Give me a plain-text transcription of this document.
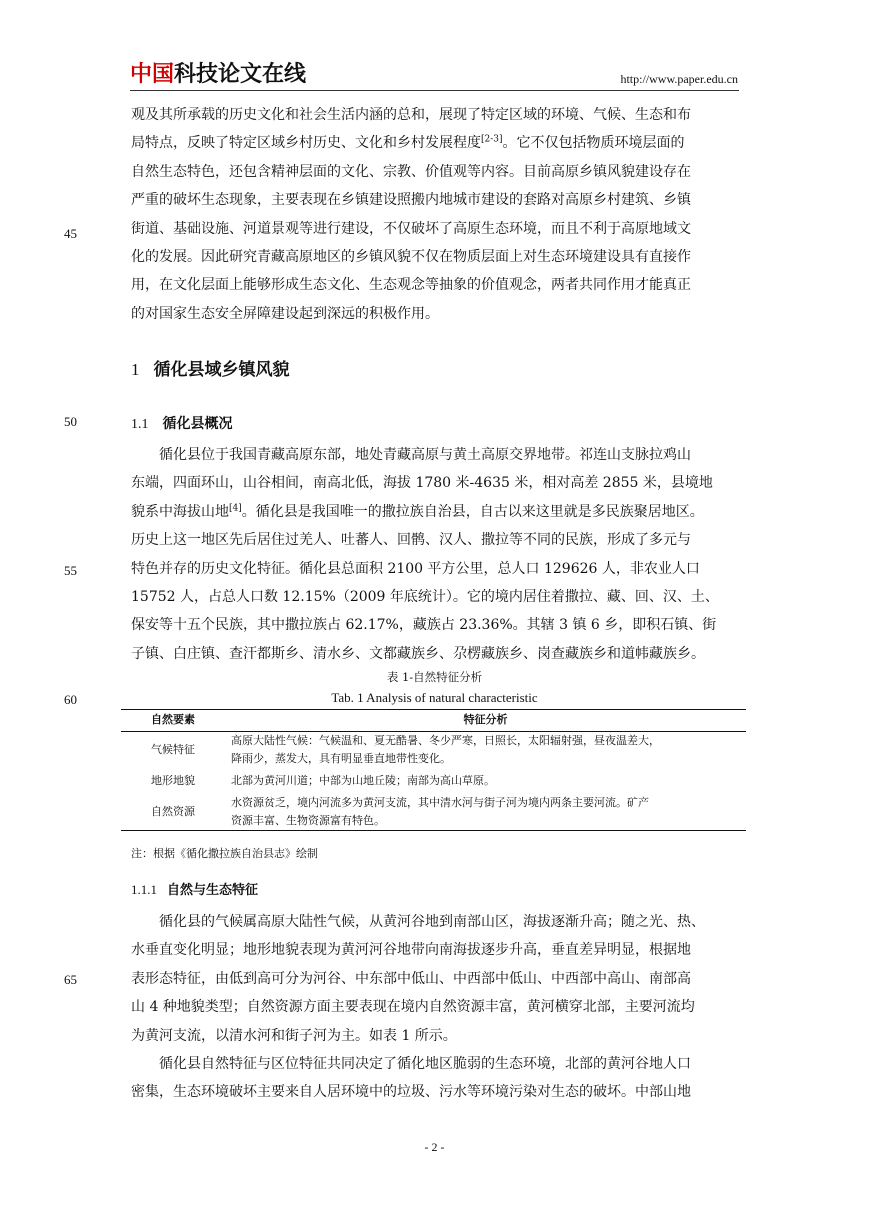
中国科技论文在线	http://www.paper.edu.cn
45
50
55
60
65
观及其所承载的历史文化和社会生活内涵的总和，展现了特定区域的环境、气候、生态和布
局特点，反映了特定区域乡村历史、文化和乡村发展程度[2-3]。它不仅包括物质环境层面的
自然生态特色，还包含精神层面的文化、宗教、价值观等内容。目前高原乡镇风貌建设存在
严重的破坏生态现象，主要表现在乡镇建设照搬内地城市建设的套路对高原乡村建筑、乡镇
街道、基础设施、河道景观等进行建设，不仅破坏了高原生态环境，而且不利于高原地域文
化的发展。因此研究青藏高原地区的乡镇风貌不仅在物质层面上对生态环境建设具有直接作
用，在文化层面上能够形成生态文化、生态观念等抽象的价值观念，两者共同作用才能真正
的对国家生态安全屏障建设起到深远的积极作用。
1 循化县域乡镇风貌
1.1 循化县概况
循化县位于我国青藏高原东部，地处青藏高原与黄土高原交界地带。祁连山支脉拉鸡山
东端，四面环山，山谷相间，南高北低，海拔 1780 米-4635 米，相对高差 2855 米，县境地
貌系中海拔山地[4]。循化县是我国唯一的撒拉族自治县，自古以来这里就是多民族聚居地区。
历史上这一地区先后居住过羌人、吐蕃人、回鹘、汉人、撒拉等不同的民族，形成了多元与
特色并存的历史文化特征。循化县总面积 2100 平方公里，总人口 129626 人，非农业人口
15752 人，占总人口数 12.15%（2009 年底统计）。它的境内居住着撒拉、藏、回、汉、土、
保安等十五个民族，其中撒拉族占 62.17%，藏族占 23.36%。其辖 3 镇 6 乡，即积石镇、街
子镇、白庄镇、查汗都斯乡、清水乡、文都藏族乡、尕楞藏族乡、岗查藏族乡和道帏藏族乡。
表 1-自然特征分析
Tab. 1 Analysis of natural characteristic
自然要素	特征分析
气候特征	高原大陆性气候：气候温和、夏无酷暑、冬少严寒，日照长，太阳辐射强，昼夜温差大，
降雨少，蒸发大，具有明显垂直地带性变化。

地形地貌	北部为黄河川道；中部为山地丘陵；南部为高山草原。
自然资源	水资源贫乏，境内河流多为黄河支流，其中清水河与街子河为境内两条主要河流。矿产
资源丰富、生物资源富有特色。
注：根据《循化撒拉族自治县志》绘制
1.1.1 自然与生态特征
循化县的气候属高原大陆性气候，从黄河谷地到南部山区，海拔逐渐升高；随之光、热、
水垂直变化明显；地形地貌表现为黄河河谷地带向南海拔逐步升高，垂直差异明显，根据地
表形态特征，由低到高可分为河谷、中东部中低山、中西部中低山、中西部中高山、南部高
山 4 种地貌类型；自然资源方面主要表现在境内自然资源丰富，黄河横穿北部，主要河流均
为黄河支流，以清水河和街子河为主。如表 1 所示。
循化县自然特征与区位特征共同决定了循化地区脆弱的生态环境，北部的黄河谷地人口
密集，生态环境破坏主要来自人居环境中的垃圾、污水等环境污染对生态的破坏。中部山地
- 2 -
